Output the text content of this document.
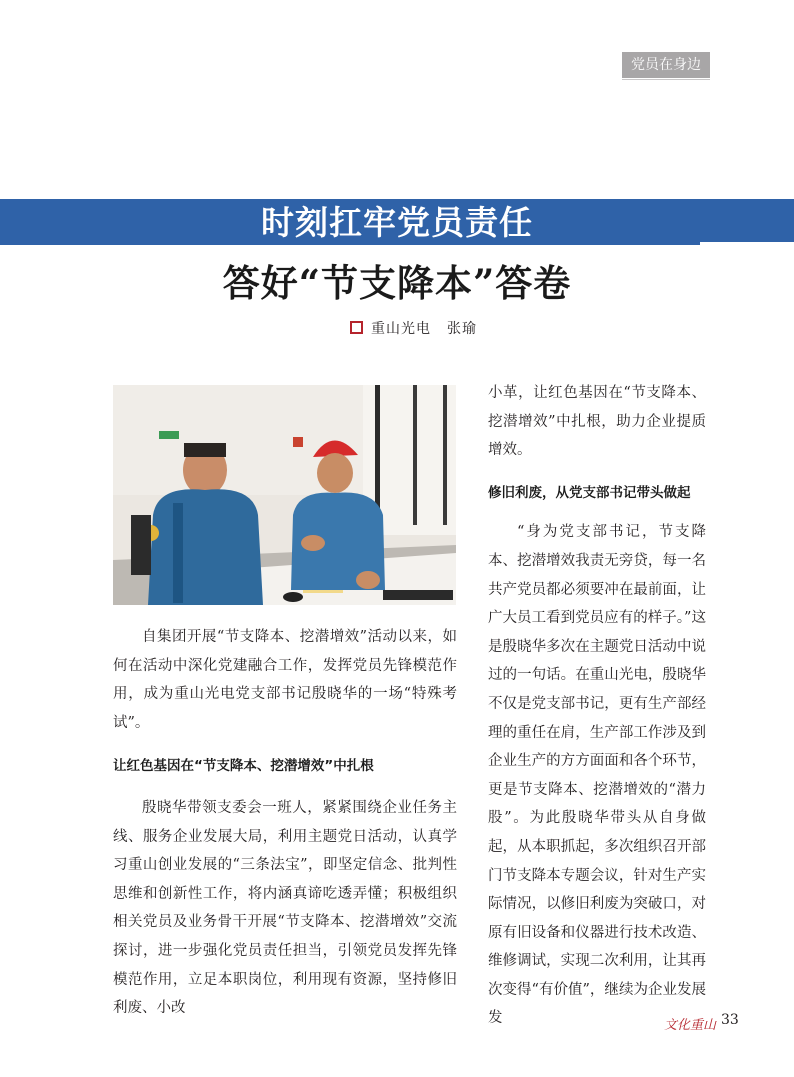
党员在身边
时刻扛牢党员责任
答好“节支降本”答卷
重山光电 张瑜

自集团开展“节支降本、挖潜增效”活动以来，如何在活动中深化党建融合工作，发挥党员先锋模范作用，成为重山光电党支部书记殷晓华的一场“特殊考试”。

让红色基因在“节支降本、挖潜增效”中扎根

殷晓华带领支委会一班人，紧紧围绕企业任务主线、服务企业发展大局，利用主题党日活动，认真学习重山创业发展的“三条法宝”，即坚定信念、批判性思维和创新性工作，将内涵真谛吃透弄懂；积极组织相关党员及业务骨干开展“节支降本、挖潜增效”交流探讨，进一步强化党员责任担当，引领党员发挥先锋模范作用，立足本职岗位，利用现有资源，坚持修旧利废、小改

小革，让红色基因在“节支降本、挖潜增效”中扎根，助力企业提质增效。

修旧利废，从党支部书记带头做起

“身为党支部书记，节支降本、挖潜增效我责无旁贷，每一名共产党员都必须要冲在最前面，让广大员工看到党员应有的样子。”这是殷晓华多次在主题党日活动中说过的一句话。在重山光电，殷晓华不仅是党支部书记，更有生产部经理的重任在肩，生产部工作涉及到企业生产的方方面面和各个环节，更是节支降本、挖潜增效的“潜力股”。为此殷晓华带头从自身做起，从本职抓起，多次组织召开部门节支降本专题会议，针对生产实际情况，以修旧利废为突破口，对原有旧设备和仪器进行技术改造、维修调试，实现二次利用，让其再次变得“有价值”，继续为企业发展发	文化重山 33
